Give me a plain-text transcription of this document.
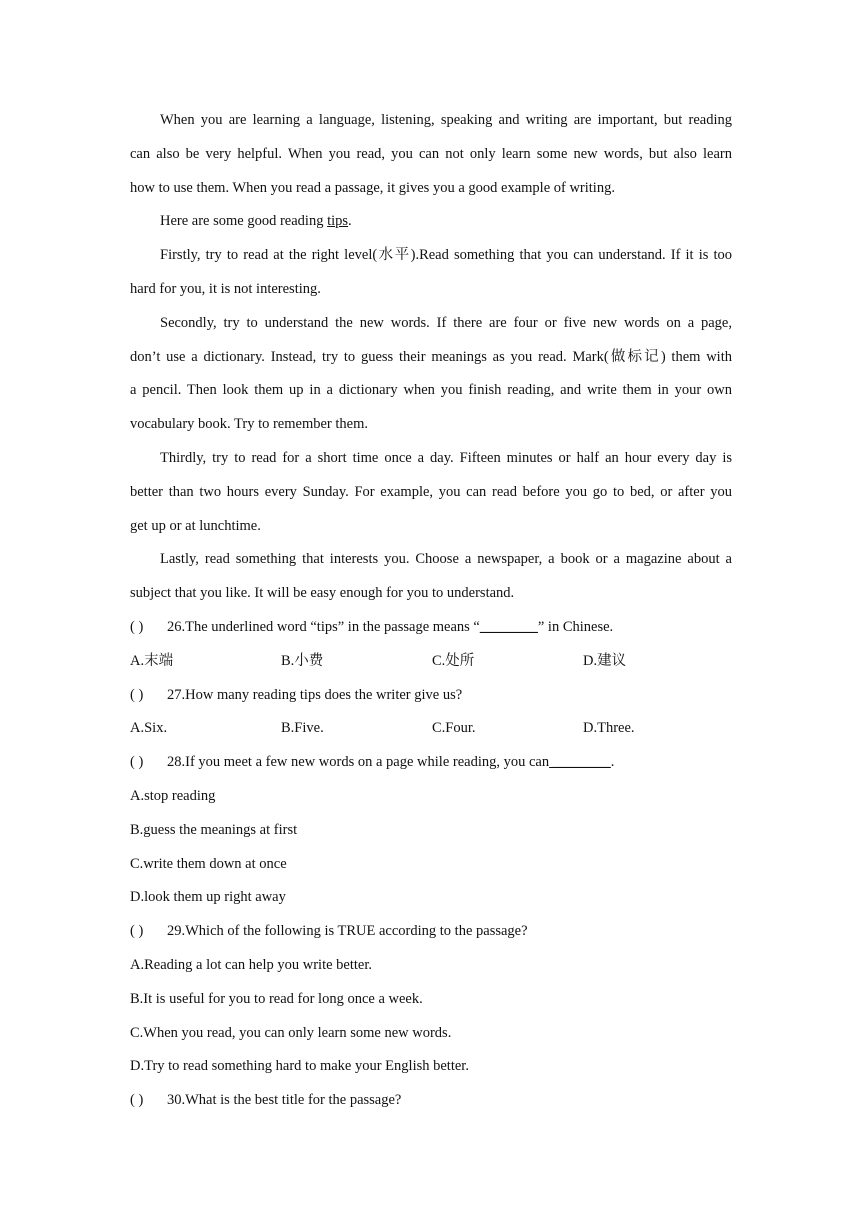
When you are learning a language, listening, speaking and writing are important, but reading
can also be very helpful. When you read, you can not only learn some new words, but also learn
how to use them. When you read a passage, it gives you a good example of writing.
Here are some good reading tips.
Firstly, try to read at the right level(水平).Read something that you can understand. If it is too
hard for you, it is not interesting.
Secondly, try to understand the new words. If there are four or five new words on a page,
don’t use a dictionary. Instead, try to guess their meanings as you read. Mark(做标记) them with
a pencil. Then look them up in a dictionary when you finish reading, and write them in your own
vocabulary book. Try to remember them.
Thirdly, try to read for a short time once a day. Fifteen minutes or half an hour every day is
better than two hours every Sunday. For example, you can read before you go to bed, or after you
get up or at lunchtime.
Lastly, read something that interests you. Choose a newspaper, a book or a magazine about a
subject that you like. It will be easy enough for you to understand.
( )	26.The underlined word “tips” in the passage means “ ________ ” in Chinese.
A.末端	B.小费	C.处所	D.建议
( )	27.How many reading tips does the writer give us?
A.Six.	B.Five.	C.Four.	D.Three.
( )	28.If you meet a few new words on a page while reading, you can ________ .
A.stop reading
B.guess the meanings at first
C.write them down at once
D.look them up right away
( )	29.Which of the following is TRUE according to the passage?
A.Reading a lot can help you write better.
B.It is useful for you to read for long once a week.
C.When you read, you can only learn some new words.
D.Try to read something hard to make your English better.
( )	30.What is the best title for the passage?
